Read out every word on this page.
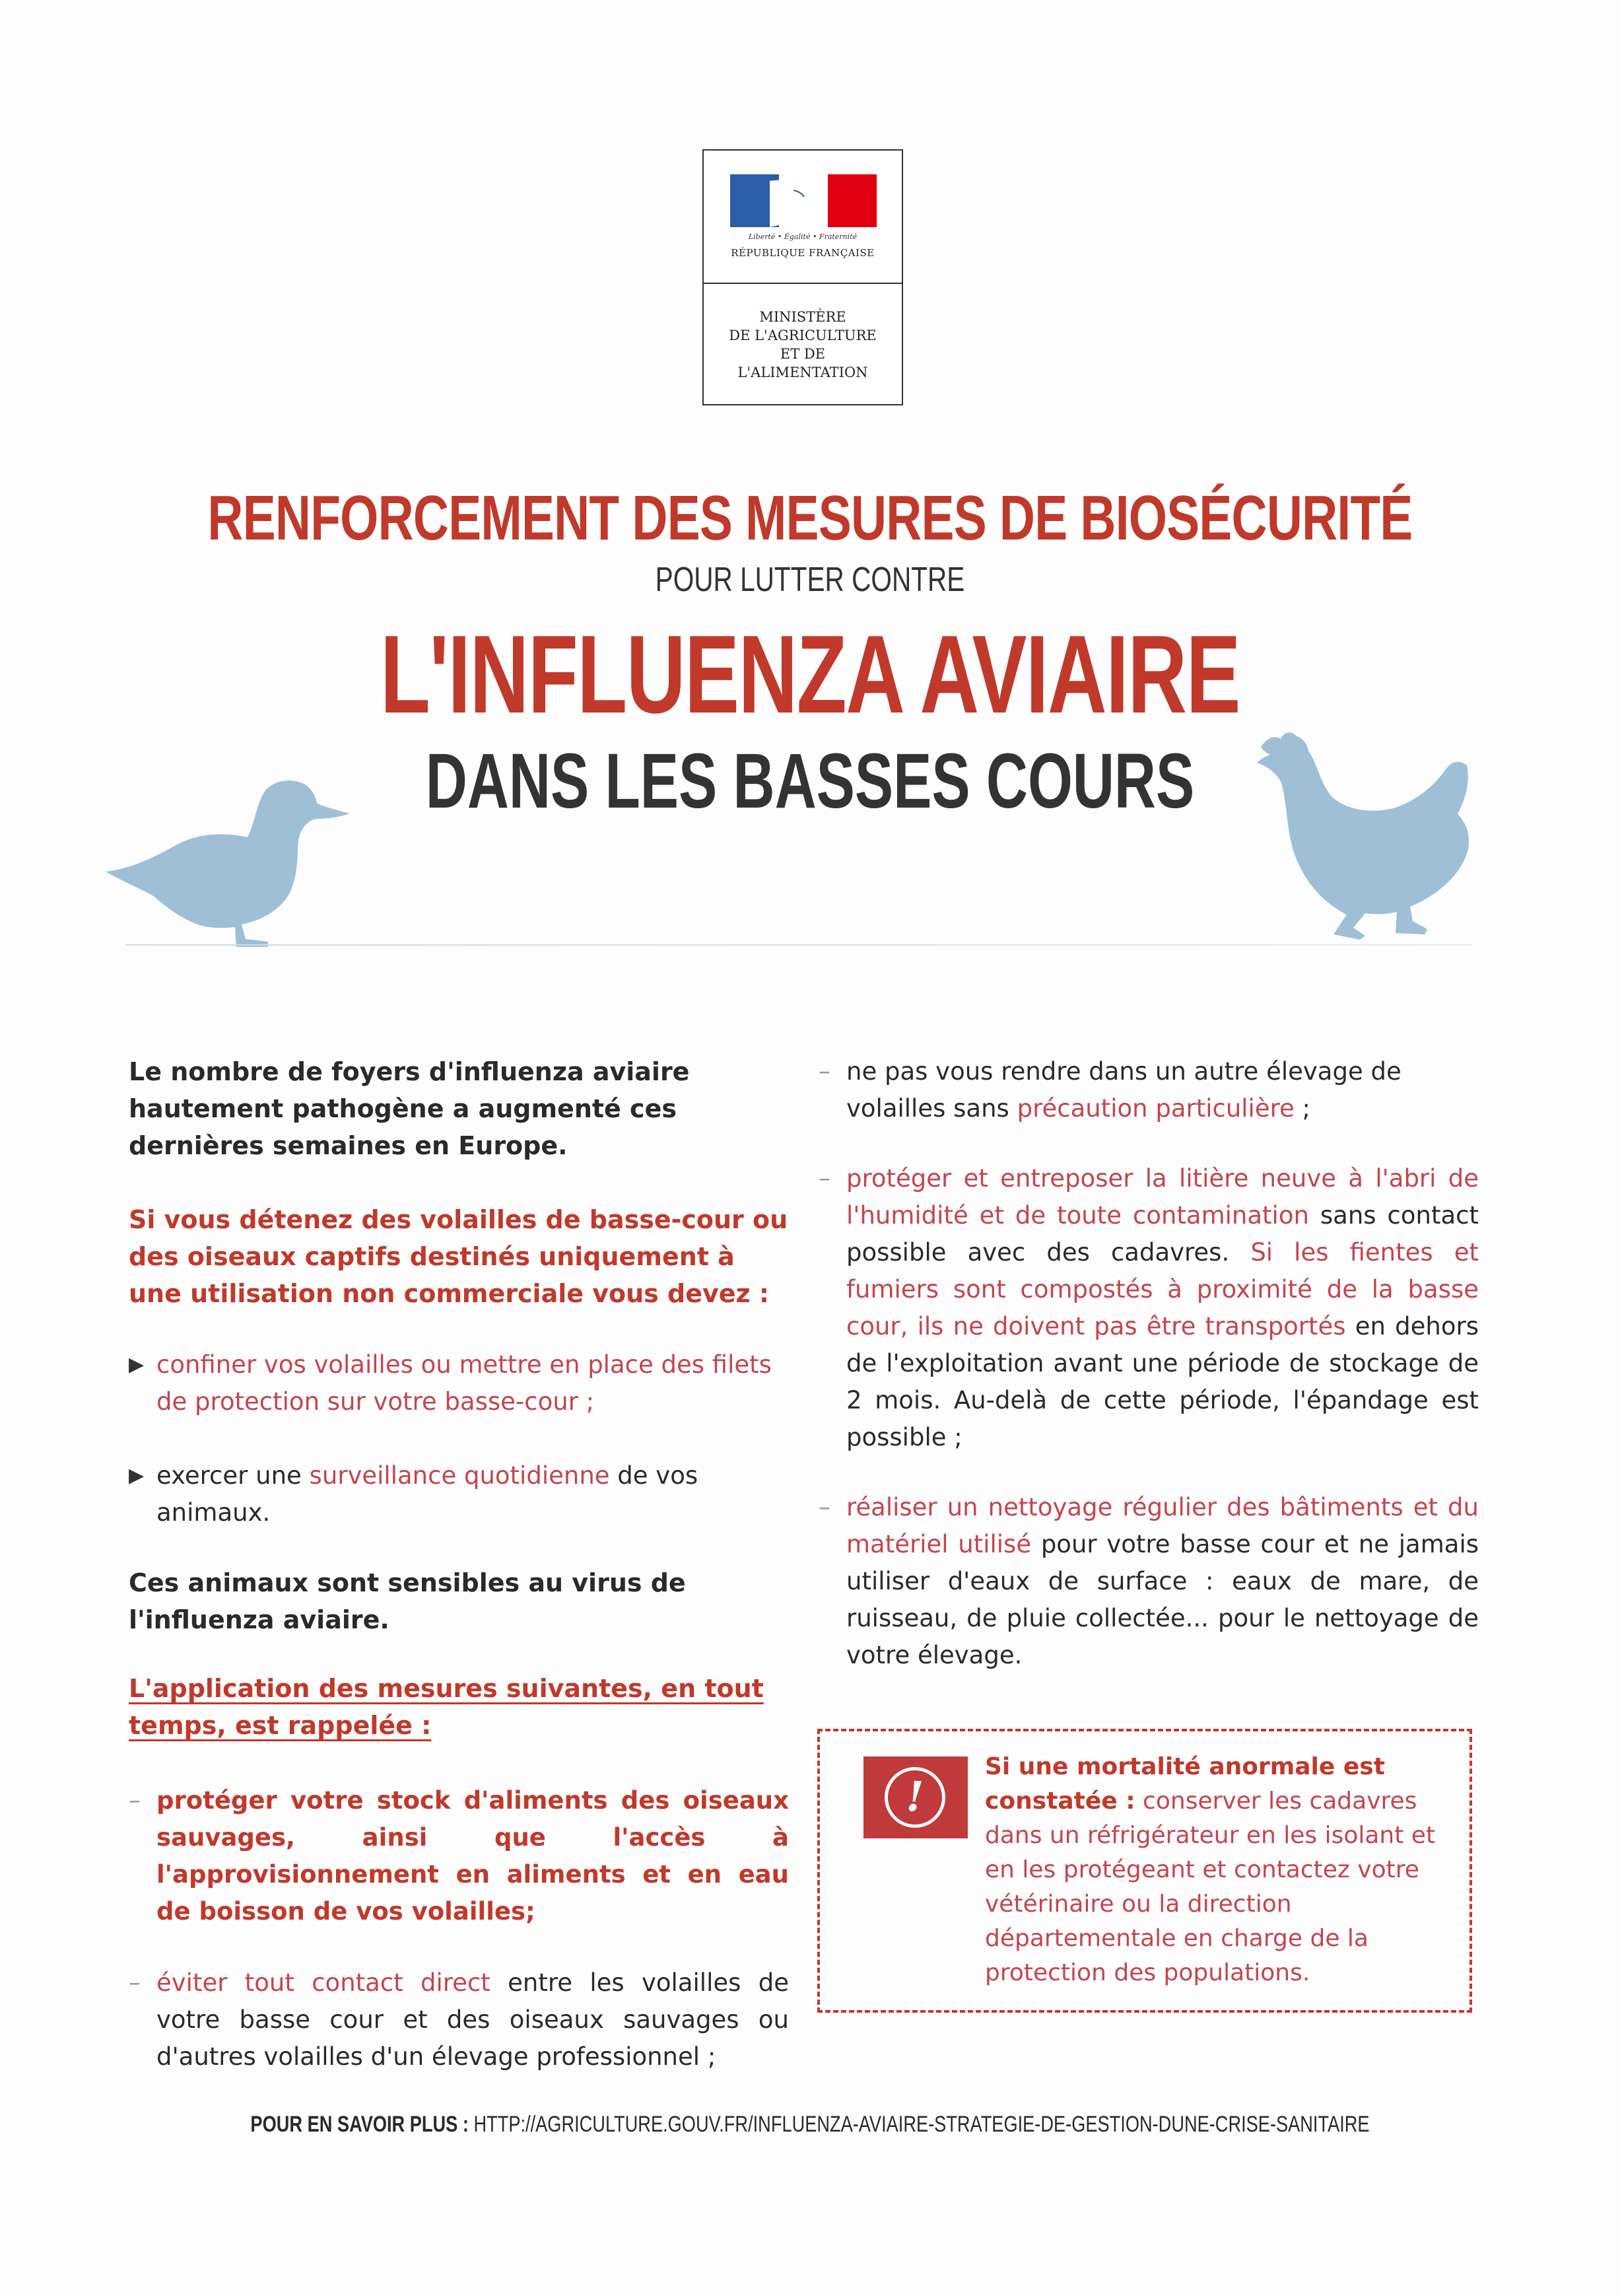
Liberté • Égalité • Fraternité
RÉPUBLIQUE FRANÇAISE
MINISTÈRE
DE L'AGRICULTURE
ET DE
L'ALIMENTATION
RENFORCEMENT DES MESURES DE BIOSÉCURITÉ
POUR LUTTER CONTRE
L'INFLUENZA AVIAIRE
DANS LES BASSES COURS

Le nombre de foyers d'influenza aviaire hautement pathogène a augmenté ces dernières semaines en Europe.

Si vous détenez des volailles de basse-cour ou des oiseaux captifs destinés uniquement à une utilisation non commerciale vous devez :

▶ confiner vos volailles ou mettre en place des filets de protection sur votre basse-cour ;
▶ exercer une surveillance quotidienne de vos animaux.

Ces animaux sont sensibles au virus de l'influenza aviaire.

L'application des mesures suivantes, en tout temps, est rappelée :

– protéger votre stock d'aliments des oiseaux sauvages, ainsi que l'accès à l'approvisionnement en aliments et en eau de boisson de vos volailles;
– éviter tout contact direct entre les volailles de votre basse cour et des oiseaux sauvages ou d'autres volailles d'un élevage professionnel ;
– ne pas vous rendre dans un autre élevage de volailles sans précaution particulière ;
– protéger et entreposer la litière neuve à l'abri de l'humidité et de toute contamination sans contact possible avec des cadavres. Si les fientes et fumiers sont compostés à proximité de la basse cour, ils ne doivent pas être transportés en dehors de l'exploitation avant une période de stockage de 2 mois. Au-delà de cette période, l'épandage est possible ;
– réaliser un nettoyage régulier des bâtiments et du matériel utilisé pour votre basse cour et ne jamais utiliser d'eaux de surface : eaux de mare, de ruisseau, de pluie collectée... pour le nettoyage de votre élevage.
!
Si une mortalité anormale est constatée : conserver les cadavres dans un réfrigérateur en les isolant et en les protégeant et contactez votre vétérinaire ou la direction départementale en charge de la protection des populations.
POUR EN SAVOIR PLUS : HTTP://AGRICULTURE.GOUV.FR/INFLUENZA-AVIAIRE-STRATEGIE-DE-GESTION-DUNE-CRISE-SANITAIRE
